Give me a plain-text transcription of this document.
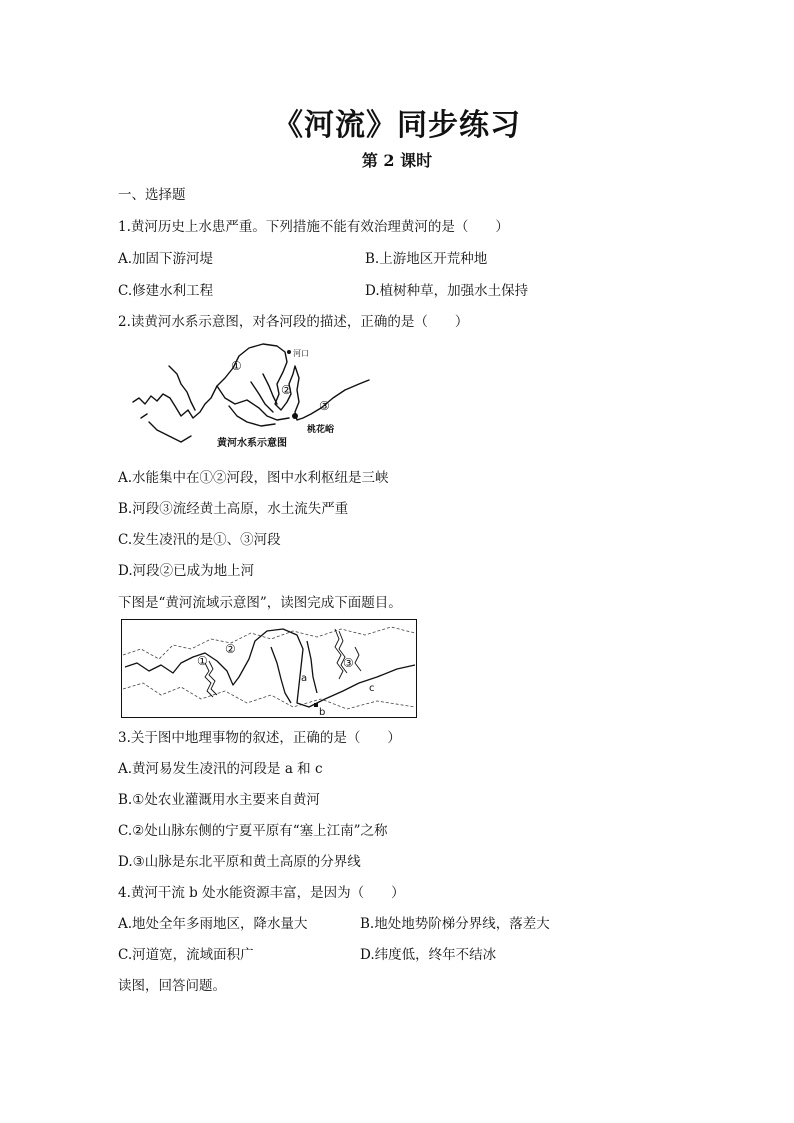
《河流》同步练习
第 2 课时
一、选择题
1.黄河历史上水患严重。下列措施不能有效治理黄河的是（　　）
A.加固下游河堤	B.上游地区开荒种地
C.修建水利工程	D.植树种草，加强水土保持
2.读黄河水系示意图，对各河段的描述，正确的是（　　）
河口
①
②
③
桃花峪
黄河水系示意图
A.水能集中在①②河段，图中水利枢纽是三峡
B.河段③流经黄土高原，水土流失严重
C.发生凌汛的是①、③河段
D.河段②已成为地上河
下图是“黄河流域示意图”，读图完成下面题目。
①
②
③
a
b
c
3.关于图中地理事物的叙述，正确的是（　　）
A.黄河易发生凌汛的河段是 a 和 c
B.①处农业灌溉用水主要来自黄河
C.②处山脉东侧的宁夏平原有“塞上江南”之称
D.③山脉是东北平原和黄土高原的分界线
4.黄河干流 b 处水能资源丰富，是因为（　　）
A.地处全年多雨地区，降水量大	B.地处地势阶梯分界线，落差大
C.河道宽，流域面积广	D.纬度低，终年不结冰
读图，回答问题。
